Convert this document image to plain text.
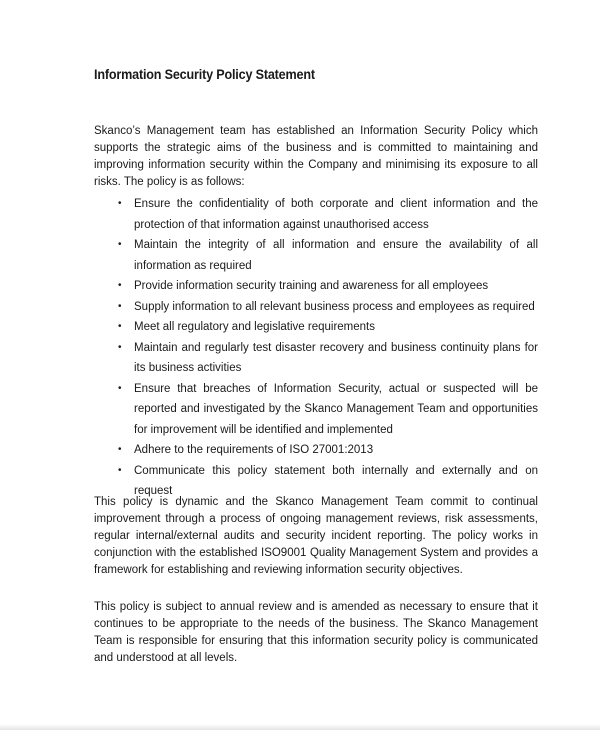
Information Security Policy Statement

Skanco’s Management team has established an Information Security Policy which supports the strategic aims of the business and is committed to maintaining and improving information security within the Company and minimising its exposure to all risks. The policy is as follows:

• Ensure the confidentiality of both corporate and client information and the protection of that information against unauthorised access
• Maintain the integrity of all information and ensure the availability of all information as required
• Provide information security training and awareness for all employees
• Supply information to all relevant business process and employees as required
• Meet all regulatory and legislative requirements
• Maintain and regularly test disaster recovery and business continuity plans for its business activities
• Ensure that breaches of Information Security, actual or suspected will be reported and investigated by the Skanco Management Team and opportunities for improvement will be identified and implemented
• Adhere to the requirements of ISO 27001:2013
• Communicate this policy statement both internally and externally and on request

This policy is dynamic and the Skanco Management Team commit to continual improvement through a process of ongoing management reviews, risk assessments, regular internal/external audits and security incident reporting. The policy works in conjunction with the established ISO9001 Quality Management System and provides a framework for establishing and reviewing information security objectives.

This policy is subject to annual review and is amended as necessary to ensure that it continues to be appropriate to the needs of the business. The Skanco Management Team is responsible for ensuring that this information security policy is communicated and understood at all levels.
